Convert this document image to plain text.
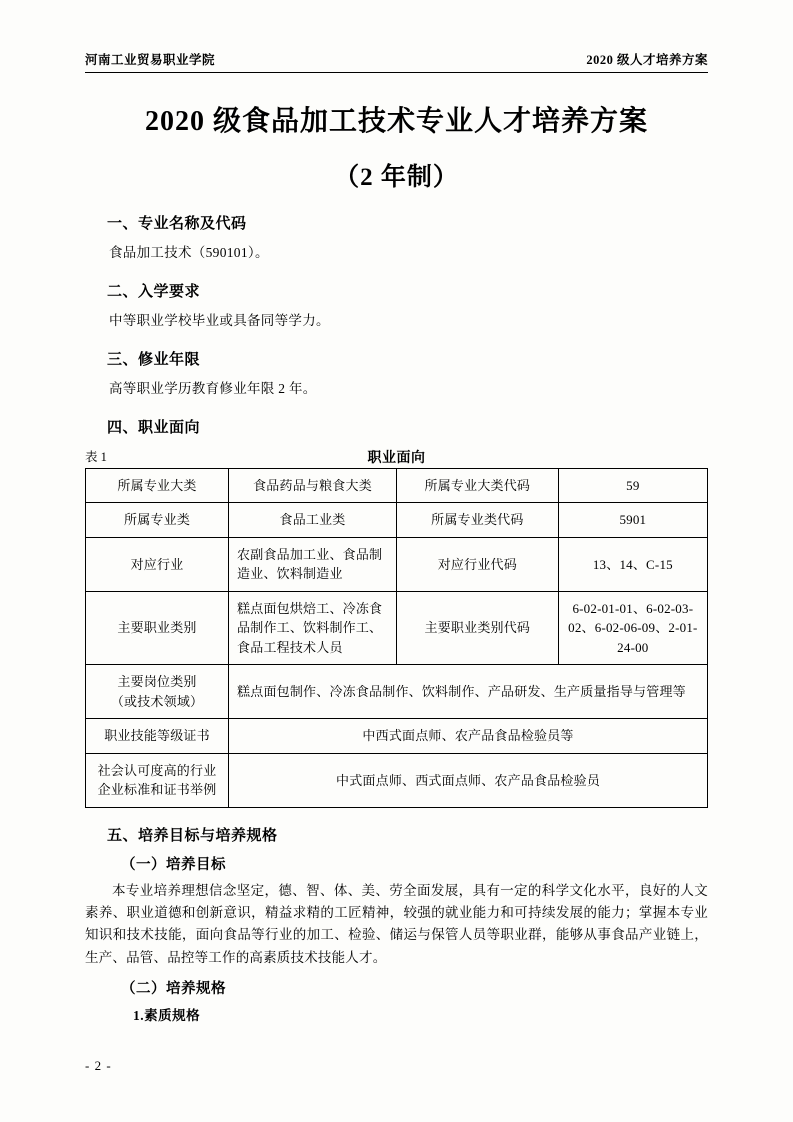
河南工业贸易职业学院	2020 级人才培养方案
2020 级食品加工技术专业人才培养方案
（2 年制）
一、专业名称及代码
食品加工技术（590101）。
二、入学要求
中等职业学校毕业或具备同等学力。
三、修业年限
高等职业学历教育修业年限 2 年。
四、职业面向
表 1	职业面向
所属专业大类	食品药品与粮食大类	所属专业大类代码	59
所属专业类	食品工业类	所属专业类代码	5901
对应行业	农副食品加工业、食品制造业、饮料制造业	对应行业代码	13、14、C-15
主要职业类别	糕点面包烘焙工、冷冻食品制作工、饮料制作工、食品工程技术人员	主要职业类别代码	6-02-01-01、6-02-03-02、6-02-06-09、2-01-24-00
主要岗位类别
（或技术领域）	糕点面包制作、冷冻食品制作、饮料制作、产品研发、生产质量指导与管理等		
职业技能等级证书	中西式面点师、农产品食品检验员等		
社会认可度高的行业
企业标准和证书举例	中式面点师、西式面点师、农产品食品检验员		
五、培养目标与培养规格
（一）培养目标
本专业培养理想信念坚定，德、智、体、美、劳全面发展，具有一定的科学文化水平，良好的人文素养、职业道德和创新意识，精益求精的工匠精神，较强的就业能力和可持续发展的能力；掌握本专业知识和技术技能，面向食品等行业的加工、检验、储运与保管人员等职业群，能够从事食品产业链上，生产、品管、品控等工作的高素质技术技能人才。
（二）培养规格
1.素质规格
- 2 -
